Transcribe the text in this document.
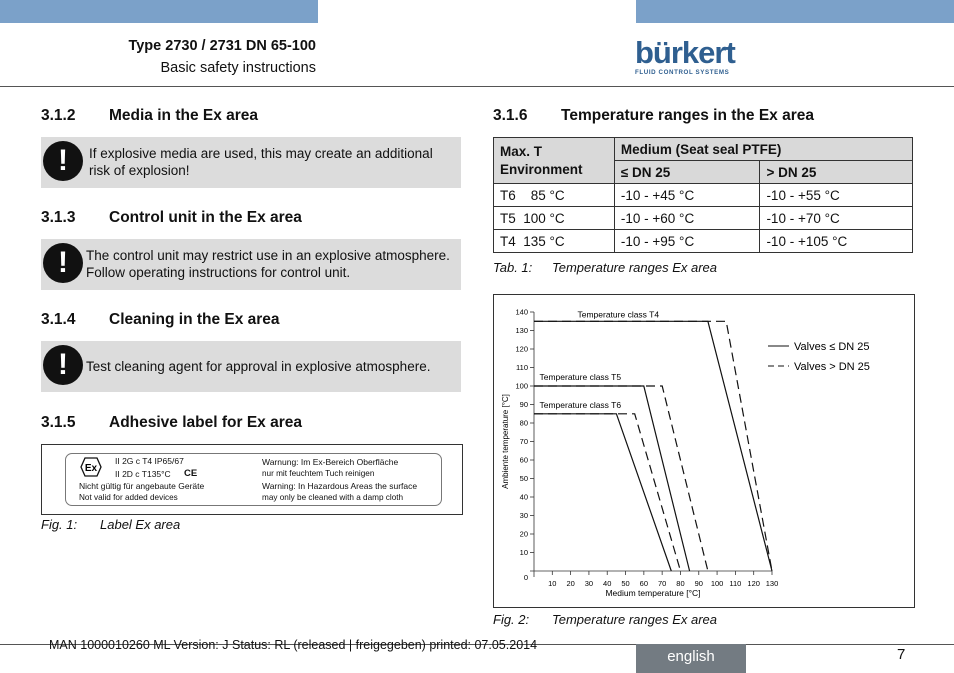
Type 2730 / 2731 DN 65-100
Basic safety instructions	bürkert
FLUID CONTROL SYSTEMS
3.1.2 Media in the Ex area
!	If explosive media are used, this may create an additional
risk of explosion!
3.1.3 Control unit in the Ex area
!	The control unit may restrict use in an explosive atmosphere.
Follow operating instructions for control unit.
3.1.4 Cleaning in the Ex area
!	Test cleaning agent for approval in explosive atmosphere.
3.1.5 Adhesive label for Ex area
Ex
II 2G c T4 IP65/67
II 2D c T135°C CE
Nicht gültig für angebaute Geräte
Not valid for added devices
Warnung: Im Ex-Bereich Oberfläche
nur mit feuchtem Tuch reinigen
Warning: In Hazardous Areas the surface
may only be cleaned with a damp cloth
Fig. 1: Label Ex area
3.1.6 Temperature ranges in the Ex area
Max. T
Environment	Medium (Seat seal PTFE)	
	≤ DN 25	> DN 25
T6    85 °C	-10 - +45 °C	-10 - +55 °C
T5  100 °C	-10 - +60 °C	-10 - +70 °C
T4  135 °C	-10 - +95 °C	-10 - +105 °C
Tab. 1: Temperature ranges Ex area
10
20
30
40
50
60
70
80
90
100
110
120
130
140
0
10 20 30 40 50 60 70 80 90 100 110 120 130
Medium temperature [°C]
Ambiente temperature [°C]
Temperature class T4
Temperature class T5
Temperature class T6
Valves ≤ DN 25
Valves > DN 25
Fig. 2: Temperature ranges Ex area
MAN 1000010260 ML Version: J Status: RL (released | freigegeben) printed: 07.05.2014
english	7
